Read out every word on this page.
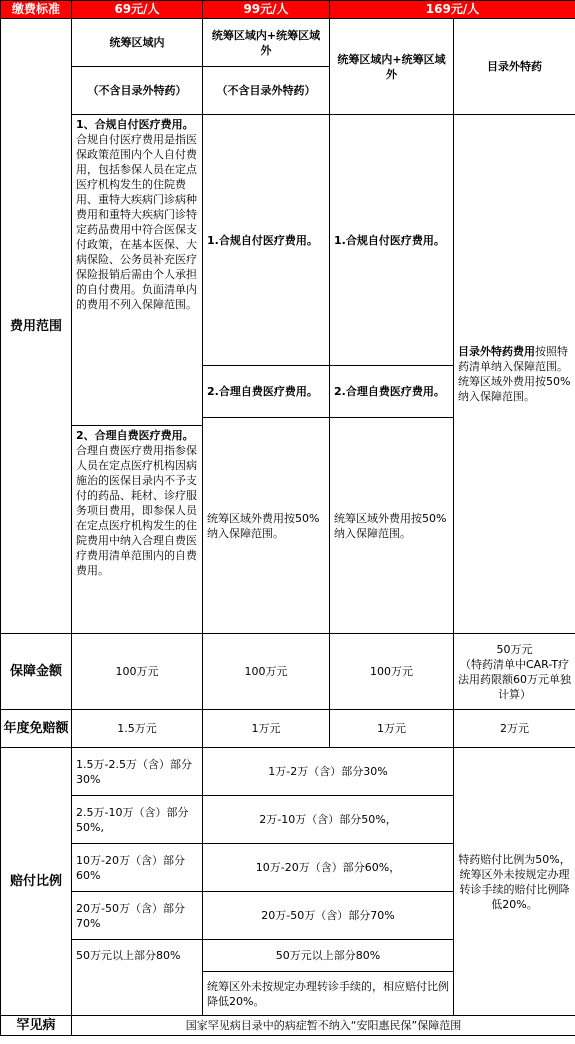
缴费标准	69元/人	99元/人	169元/人	
费用范围	统筹区域内	统筹区域内+统筹区域外	统筹区域内+统筹区域外	目录外特药
	（不含目录外特药）	（不含目录外特药）		
	1、合规自付医疗费用。合规自付医疗费用是指医保政策范围内个人自付费用，包括参保人员在定点医疗机构发生的住院费用、重特大疾病门诊病种费用和重特大疾病门诊特定药品费用中符合医保支付政策，在基本医保、大病保险、公务员补充医疗保险报销后需由个人承担的自付费用。负面清单内的费用不列入保障范围。	1.合规自付医疗费用。	1.合规自付医疗费用。	目录外特药费用按照特药清单纳入保障范围。统筹区域外费用按50%纳入保障范围。
		2.合理自费医疗费用。	2.合理自费医疗费用。	
		统筹区域外费用按50%纳入保障范围。	统筹区域外费用按50%纳入保障范围。	

	2、合理自费医疗费用。合理自费医疗费用指参保人员在定点医疗机构因病施治的医保目录内不予支付的药品、耗材、诊疗服务项目费用，即参保人员在定点医疗机构发生的住院费用中纳入合理自费医疗费用清单范围内的自费费用。			
保障金额	100万元	100万元	100万元	50万元
（特药清单中CAR-T疗法用药限额60万元单独计算）

年度免赔额	1.5万元	1万元	1万元	2万元
赔付比例	1.5万-2.5万（含）部分30%	1万-2万（含）部分30%		特药赔付比例为50%，统筹区外未按规定办理转诊手续的赔付比例降低20%。
	2.5万-10万（含）部分50%,	2万-10万（含）部分50%，		
	10万-20万（含）部分60%	10万-20万（含）部分60%，		
	20万-50万（含）部分70%	20万-50万（含）部分70%		
	50万元以上部分80%	50万元以上部分80%		
		统筹区外未按规定办理转诊手续的，相应赔付比例降低20%。		
罕见病	国家罕见病目录中的病症暂不纳入“安阳惠民保”保障范围			
